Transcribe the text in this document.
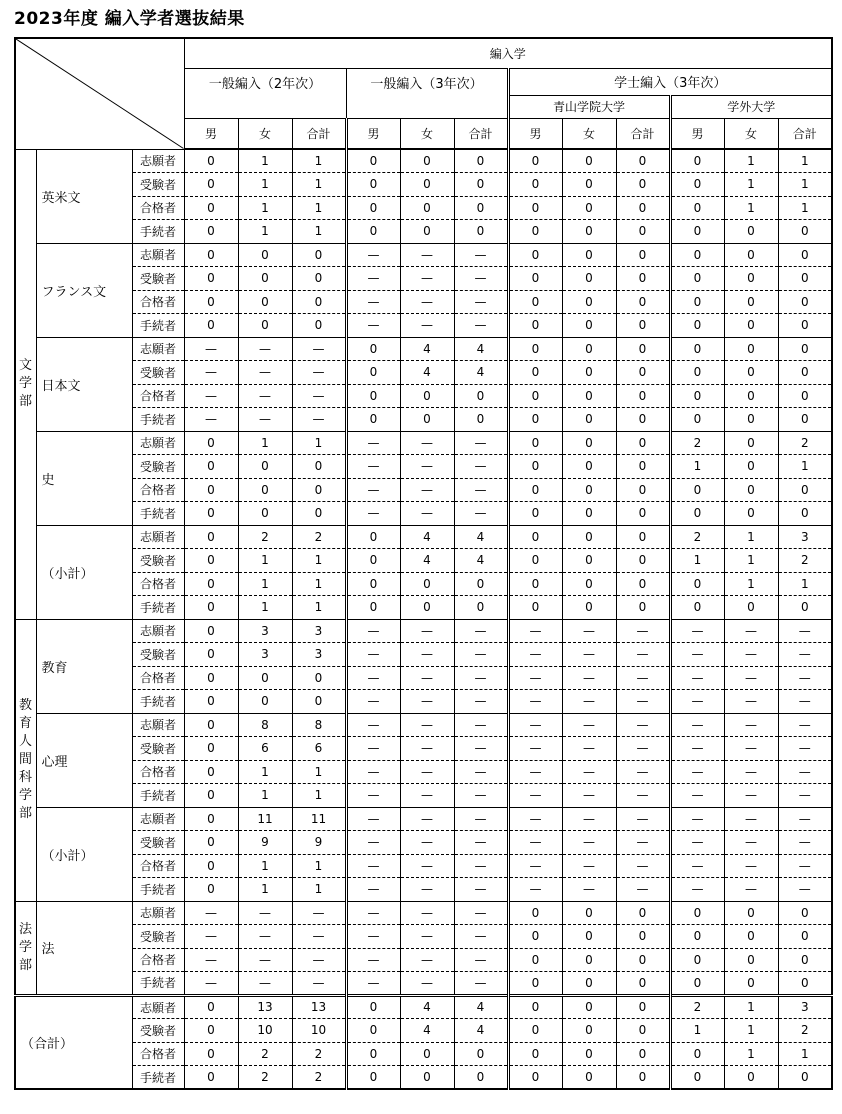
2023年度 編入学者選抜結果
	編入学											
			一般編入（2年次）			一般編入（3年次）			学士編入（3年次）					
									青山学院大学			学外大学		
			男	女	合計	男	女	合計	男	女	合計	男	女	合計
文学部	英米文	志願者	0	1	1	0	0	0	0	0	0	0	1	1
		受験者	0	1	1	0	0	0	0	0	0	0	1	1
		合格者	0	1	1	0	0	0	0	0	0	0	1	1
		手続者	0	1	1	0	0	0	0	0	0	0	0	0
	フランス文	志願者	0	0	0	—	—	—	0	0	0	0	0	0
		受験者	0	0	0	—	—	—	0	0	0	0	0	0
		合格者	0	0	0	—	—	—	0	0	0	0	0	0
		手続者	0	0	0	—	—	—	0	0	0	0	0	0
	日本文	志願者	—	—	—	0	4	4	0	0	0	0	0	0
		受験者	—	—	—	0	4	4	0	0	0	0	0	0
		合格者	—	—	—	0	0	0	0	0	0	0	0	0
		手続者	—	—	—	0	0	0	0	0	0	0	0	0
	史	志願者	0	1	1	—	—	—	0	0	0	2	0	2
		受験者	0	0	0	—	—	—	0	0	0	1	0	1
		合格者	0	0	0	—	—	—	0	0	0	0	0	0
		手続者	0	0	0	—	—	—	0	0	0	0	0	0
	（小計）	志願者	0	2	2	0	4	4	0	0	0	2	1	3
		受験者	0	1	1	0	4	4	0	0	0	1	1	2
		合格者	0	1	1	0	0	0	0	0	0	0	1	1
		手続者	0	1	1	0	0	0	0	0	0	0	0	0
教育人間科学部	教育	志願者	0	3	3	—	—	—	—	—	—	—	—	—
		受験者	0	3	3	—	—	—	—	—	—	—	—	—
		合格者	0	0	0	—	—	—	—	—	—	—	—	—
		手続者	0	0	0	—	—	—	—	—	—	—	—	—
	心理	志願者	0	8	8	—	—	—	—	—	—	—	—	—
		受験者	0	6	6	—	—	—	—	—	—	—	—	—
		合格者	0	1	1	—	—	—	—	—	—	—	—	—
		手続者	0	1	1	—	—	—	—	—	—	—	—	—
	（小計）	志願者	0	11	11	—	—	—	—	—	—	—	—	—
		受験者	0	9	9	—	—	—	—	—	—	—	—	—
		合格者	0	1	1	—	—	—	—	—	—	—	—	—
		手続者	0	1	1	—	—	—	—	—	—	—	—	—
法学部	法	志願者	—	—	—	—	—	—	0	0	0	0	0	0
		受験者	—	—	—	—	—	—	0	0	0	0	0	0
		合格者	—	—	—	—	—	—	0	0	0	0	0	0
		手続者	—	—	—	—	—	—	0	0	0	0	0	0
（合計）		志願者	0	13	13	0	4	4	0	0	0	2	1	3
		受験者	0	10	10	0	4	4	0	0	0	1	1	2
		合格者	0	2	2	0	0	0	0	0	0	0	1	1
		手続者	0	2	2	0	0	0	0	0	0	0	0	0
